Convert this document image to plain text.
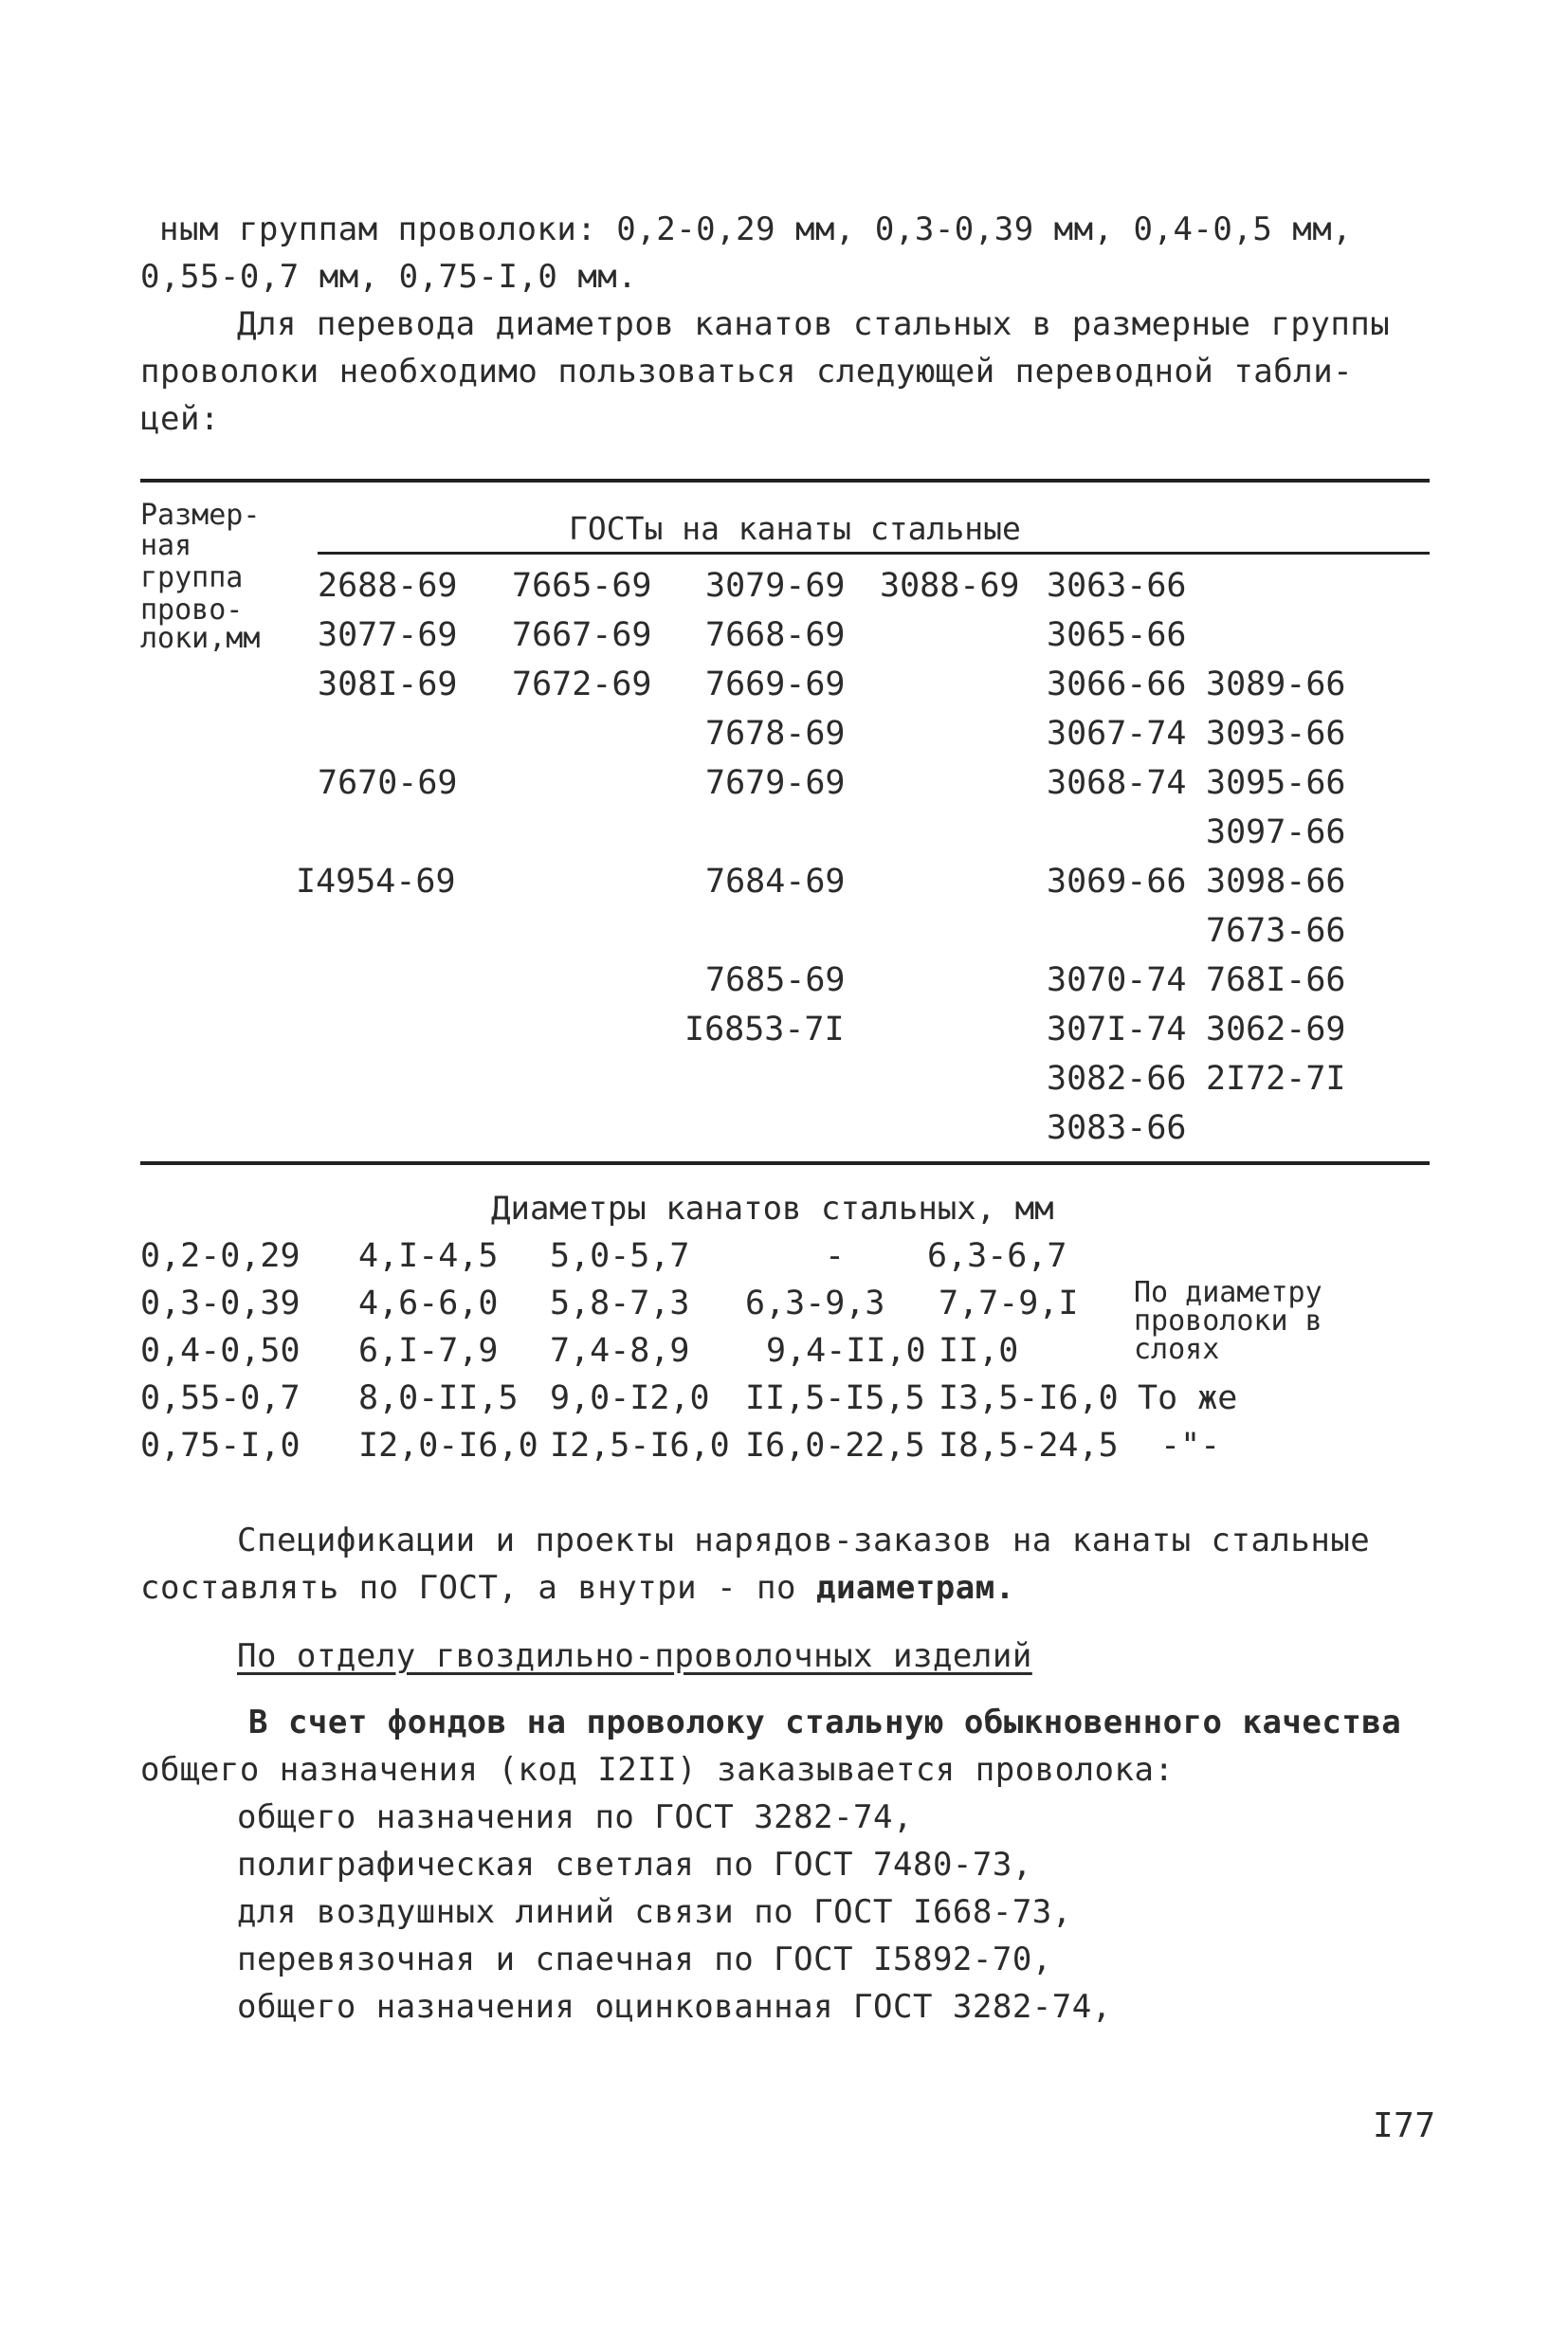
ным группам проволоки: 0,2-0,29 мм, 0,3-0,39 мм, 0,4-0,5 мм,
0,55-0,7 мм, 0,75-I,0 мм.
Для перевода диаметров канатов стальных в размерные группы
проволоки необходимо пользоваться следующей переводной табли-
цей:
Размер-
ная
группа
прово-
локи,мм
ГОСТы на канаты стальные
2688-69
3077-69
308I-69
7670-69
I4954-69
7665-69
7667-69
7672-69
3079-69
7668-69
7669-69
7678-69
7679-69
7684-69
7685-69
I6853-7I
3088-69 3063-66
3065-66
3066-66
3067-74
3068-74
3069-66
3070-74
307I-74
3082-66
3083-66
3089-66
3093-66
3095-66
3097-66
3098-66
7673-66
768I-66
3062-69
2I72-7I
Диаметры канатов стальных, мм
0,2-0,29 4,I-4,5 5,0-5,7	- 6,3-6,7
0,3-0,39 4,6-6,0 5,8-7,3 6,3-9,3 7,7-9,I
0,4-0,50 6,I-7,9 7,4-8,9 9,4-II,0 II,0
0,55-0,7 8,0-II,5 9,0-I2,0 II,5-I5,5 I3,5-I6,0
0,75-I,0 I2,0-I6,0 I2,5-I6,0 I6,0-22,5 I8,5-24,5
По диаметру
проволоки в
слоях
То же
-"-
Спецификации и проекты нарядов-заказов на канаты стальные
составлять по ГОСТ, а внутри - по диаметрам.
По отделу гвоздильно-проволочных изделий
В счет фондов на проволоку стальную обыкновенного качества
общего назначения (код I2II) заказывается проволока:
общего назначения по ГОСТ 3282-74,
полиграфическая светлая по ГОСТ 7480-73,
для воздушных линий связи по ГОСТ I668-73,
перевязочная и спаечная по ГОСТ I5892-70,
общего назначения оцинкованная ГОСТ 3282-74,
I77
